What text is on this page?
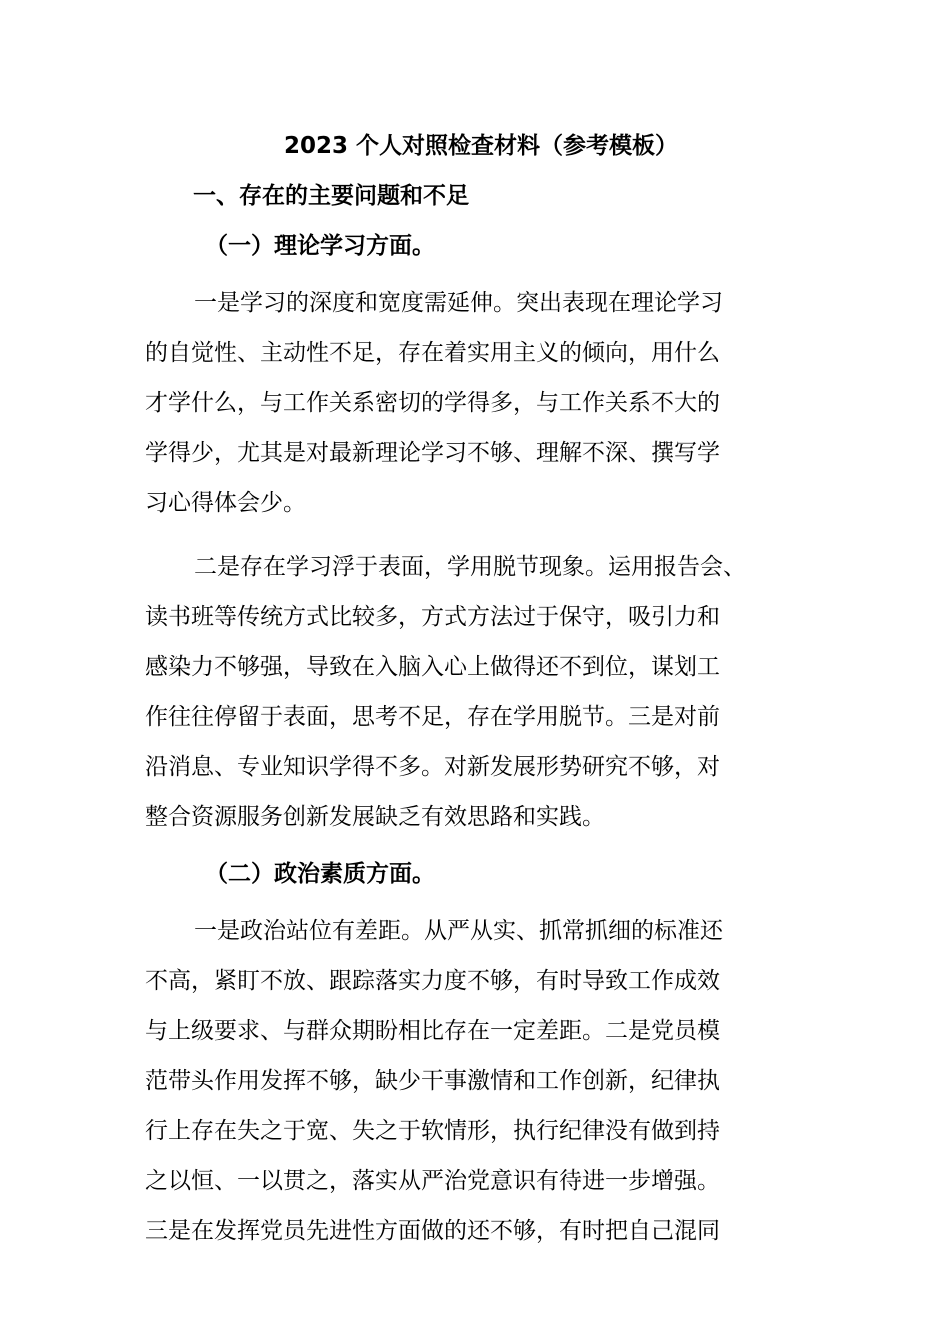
2023 个人对照检查材料（参考模板）
一、存在的主要问题和不足
（一）理论学习方面。

一是学习的深度和宽度需延伸。突出表现在理论学习
的自觉性、主动性不足，存在着实用主义的倾向，用什么
才学什么，与工作关系密切的学得多，与工作关系不大的
学得少，尤其是对最新理论学习不够、理解不深、撰写学
习心得体会少。

二是存在学习浮于表面，学用脱节现象。运用报告会、
读书班等传统方式比较多，方式方法过于保守，吸引力和
感染力不够强，导致在入脑入心上做得还不到位，谋划工
作往往停留于表面，思考不足，存在学用脱节。三是对前
沿消息、专业知识学得不多。对新发展形势研究不够，对
整合资源服务创新发展缺乏有效思路和实践。

（二）政治素质方面。

一是政治站位有差距。从严从实、抓常抓细的标准还
不高，紧盯不放、跟踪落实力度不够，有时导致工作成效
与上级要求、与群众期盼相比存在一定差距。二是党员模
范带头作用发挥不够，缺少干事激情和工作创新，纪律执
行上存在失之于宽、失之于软情形，执行纪律没有做到持
之以恒、一以贯之，落实从严治党意识有待进一步增强。
三是在发挥党员先进性方面做的还不够，有时把自己混同
